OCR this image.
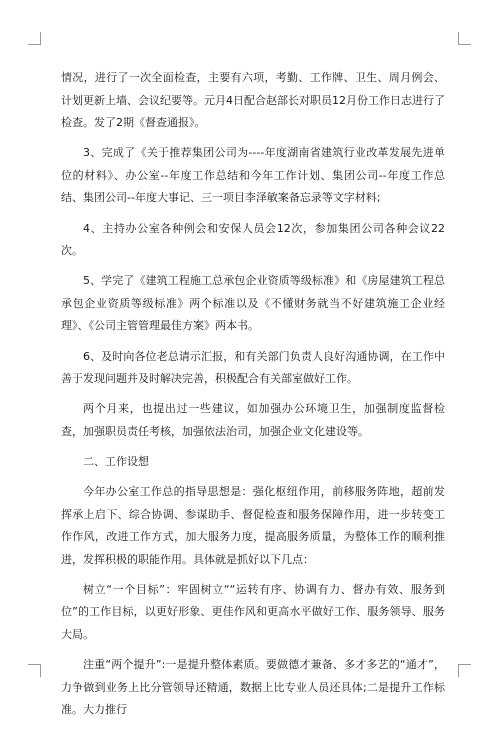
情况，进行了一次全面检查，主要有六项，考勤、工作牌、卫生、周月例会、计划更新上墙、会议纪要等。元月4日配合赵部长对职员12月份工作日志进行了检查。发了2期《督查通报》。

3、完成了《关于推荐集团公司为----年度湖南省建筑行业改革发展先进单位的材料》、办公室--年度工作总结和今年工作计划、集团公司--年度工作总结、集团公司--年度大事记、三一项目李泽敏案备忘录等文字材料;

4、主持办公室各种例会和安保人员会12次，参加集团公司各种会议22次。

5、学完了《建筑工程施工总承包企业资质等级标准》和《房屋建筑工程总承包企业资质等级标准》两个标准以及《不懂财务就当不好建筑施工企业经理》、《公司主管管理最佳方案》两本书。

6、及时向各位老总请示汇报，和有关部门负责人良好沟通协调，在工作中善于发现问题并及时解决完善，积极配合有关部室做好工作。

两个月来，也提出过一些建议，如加强办公环境卫生，加强制度监督检查，加强职员责任考核，加强依法治司，加强企业文化建设等。

二、工作设想

今年办公室工作总的指导思想是：强化枢纽作用，前移服务阵地，超前发挥承上启下、综合协调、参谋助手、督促检查和服务保障作用，进一步转变工作作风，改进工作方式，加大服务力度，提高服务质量，为整体工作的顺利推进，发挥积极的职能作用。具体就是抓好以下几点：

树立“一个目标”：牢固树立““运转有序、协调有力、督办有效、服务到位”的工作目标，以更好形象、更佳作风和更高水平做好工作、服务领导、服务大局。

注重“两个提升”:一是提升整体素质。要做德才兼备、多才多艺的“通才”，力争做到业务上比分管领导还精通，数据上比专业人员还具体;二是提升工作标准。大力推行
